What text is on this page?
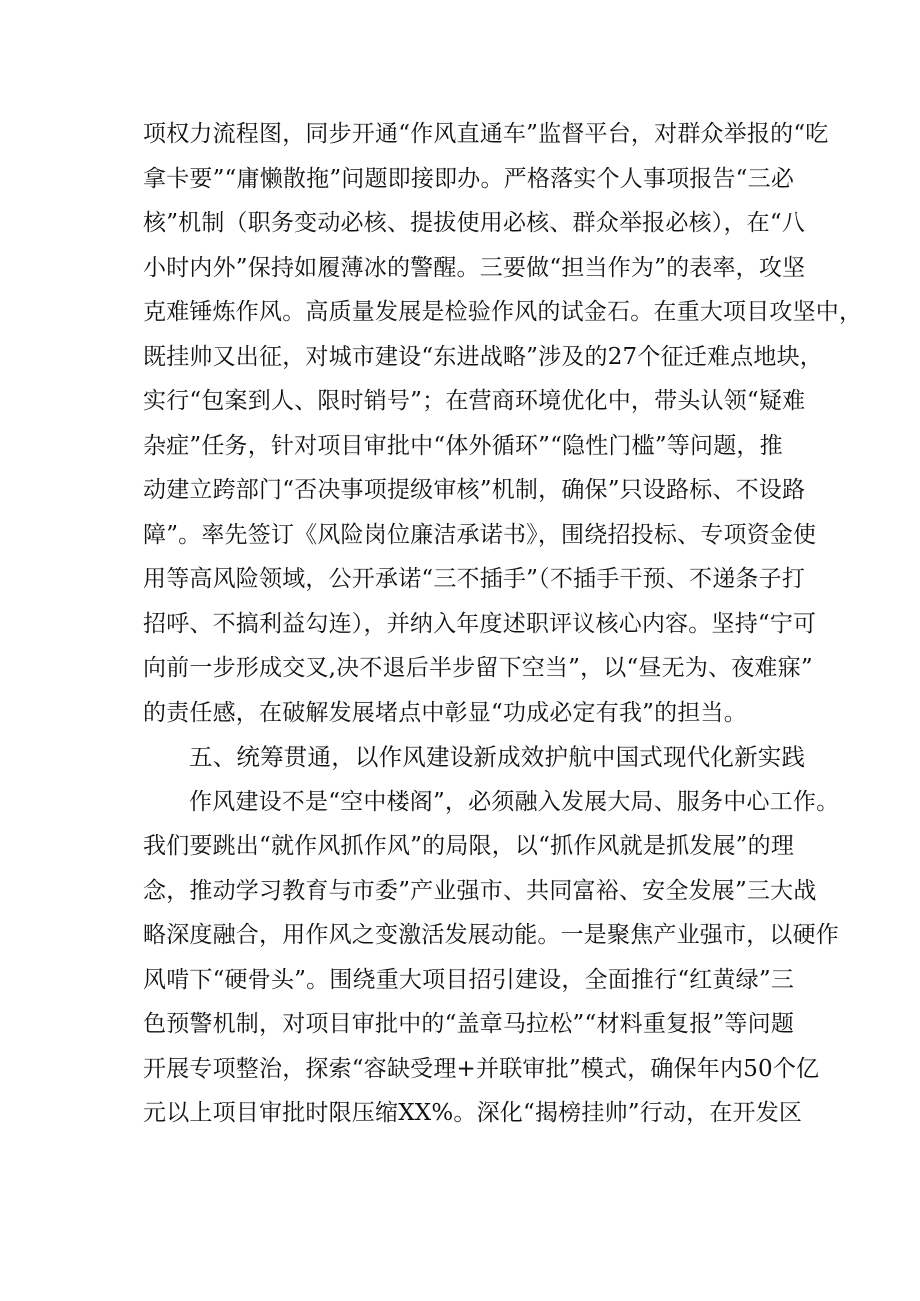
项权力流程图，同步开通“作风直通车”监督平台，对群众举报的“吃
拿卡要”“庸懒散拖”问题即接即办。严格落实个人事项报告“三必
核”机制（职务变动必核、提拔使用必核、群众举报必核），在“八
小时内外”保持如履薄冰的警醒。三要做“担当作为”的表率，攻坚
克难锤炼作风。高质量发展是检验作风的试金石。在重大项目攻坚中，
既挂帅又出征，对城市建设“东进战略”涉及的27个征迁难点地块，
实行“包案到人、限时销号”；在营商环境优化中，带头认领“疑难
杂症”任务，针对项目审批中“体外循环”“隐性门槛”等问题，推
动建立跨部门“否决事项提级审核”机制，确保”只设路标、不设路
障”。率先签订《风险岗位廉洁承诺书》，围绕招投标、专项资金使
用等高风险领域，公开承诺“三不插手”（不插手干预、不递条子打
招呼、不搞利益勾连），并纳入年度述职评议核心内容。坚持“宁可
向前一步形成交叉,决不退后半步留下空当”，以“昼无为、夜难寐”
的责任感，在破解发展堵点中彰显“功成必定有我”的担当。
五、统筹贯通，以作风建设新成效护航中国式现代化新实践
作风建设不是“空中楼阁”，必须融入发展大局、服务中心工作。
我们要跳出“就作风抓作风”的局限，以“抓作风就是抓发展”的理
念，推动学习教育与市委”产业强市、共同富裕、安全发展”三大战
略深度融合，用作风之变激活发展动能。一是聚焦产业强市，以硬作
风啃下“硬骨头”。围绕重大项目招引建设，全面推行“红黄绿”三
色预警机制，对项目审批中的“盖章马拉松”“材料重复报”等问题
开展专项整治，探索“容缺受理+并联审批”模式，确保年内50个亿
元以上项目审批时限压缩XX%。深化“揭榜挂帅”行动，在开发区
